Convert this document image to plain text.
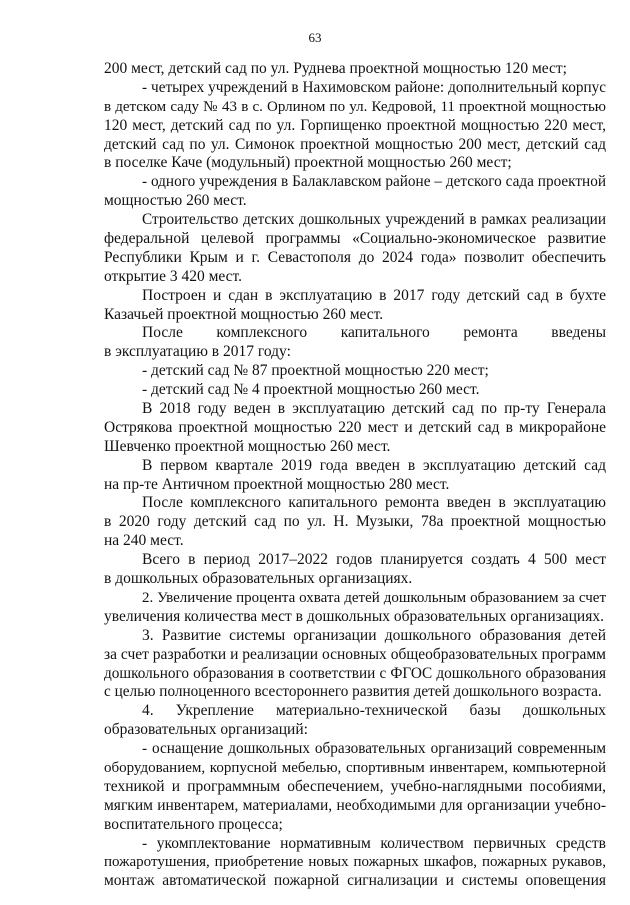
63
200 мест, детский сад по ул. Руднева проектной мощностью 120 мест;
- четырех учреждений в Нахимовском районе: дополнительный корпус
в детском саду № 43 в с. Орлином по ул. Кедровой, 11 проектной мощностью
120 мест, детский сад по ул. Горпищенко проектной мощностью 220 мест,
детский сад по ул. Симонок проектной мощностью 200 мест, детский сад
в поселке Каче (модульный) проектной мощностью 260 мест;
- одного учреждения в Балаклавском районе – детского сада проектной
мощностью 260 мест.
Строительство детских дошкольных учреждений в рамках реализации
федеральной целевой программы «Социально-экономическое развитие
Республики Крым и г. Севастополя до 2024 года» позволит обеспечить
открытие 3 420 мест.
Построен и сдан в эксплуатацию в 2017 году детский сад в бухте
Казачьей проектной мощностью 260 мест.
После комплексного капитального ремонта введены
в эксплуатацию в 2017 году:
- детский сад № 87 проектной мощностью 220 мест;
- детский сад № 4 проектной мощностью 260 мест.
В 2018 году веден в эксплуатацию детский сад по пр-ту Генерала
Острякова проектной мощностью 220 мест и детский сад в микрорайоне
Шевченко проектной мощностью 260 мест.
В первом квартале 2019 года введен в эксплуатацию детский сад
на пр-те Античном проектной мощностью 280 мест.
После комплексного капитального ремонта введен в эксплуатацию
в 2020 году детский сад по ул. Н. Музыки, 78а проектной мощностью
на 240 мест.
Всего в период 2017–2022 годов планируется создать 4 500 мест
в дошкольных образовательных организациях.
2. Увеличение процента охвата детей дошкольным образованием за счет
увеличения количества мест в дошкольных образовательных организациях.
3. Развитие системы организации дошкольного образования детей
за счет разработки и реализации основных общеобразовательных программ
дошкольного образования в соответствии с ФГОС дошкольного образования
с целью полноценного всестороннего развития детей дошкольного возраста.
4. Укрепление материально-технической базы дошкольных
образовательных организаций:
- оснащение дошкольных образовательных организаций современным
оборудованием, корпусной мебелью, спортивным инвентарем, компьютерной
техникой и программным обеспечением, учебно-наглядными пособиями,
мягким инвентарем, материалами, необходимыми для организации учебно-
воспитательного процесса;
- укомплектование нормативным количеством первичных средств
пожаротушения, приобретение новых пожарных шкафов, пожарных рукавов,
монтаж автоматической пожарной сигнализации и системы оповещения
